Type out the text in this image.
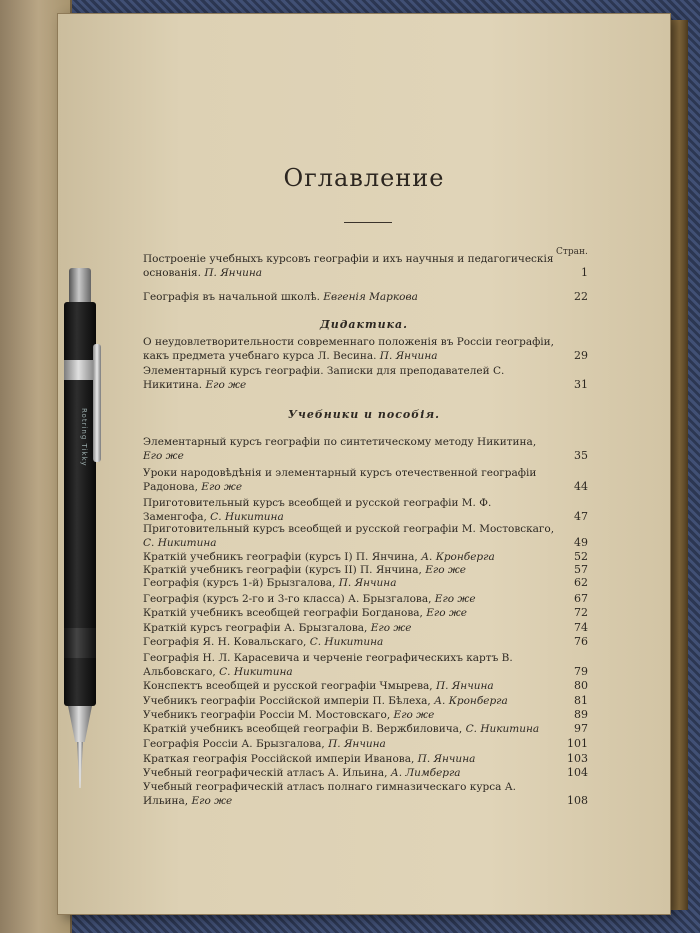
Оглавление
Стран.
Построеніе учебныхъ курсовъ географіи и ихъ научныя и педагогическія основанія. П. Янчина	1
Географія въ начальной школѣ. Евгенія Маркова	22
Дидактика.
О неудовлетворительности современнаго положенія въ Россіи географіи, какъ предмета учебнаго курса Л. Весина. П. Янчина	29
Элементарный курсъ географіи. Записки для преподавателей С. Никитина. Его же	31
Учебники и пособія.
Элементарный курсъ географіи по синтетическому методу Никитина, Его же	35
Уроки народовѣдѣнія и элементарный курсъ отечественной географіи Радонова, Его же	44
Приготовительный курсъ всеобщей и русской географіи М. Ф. Заменгофа, С. Никитина	47
Приготовительный курсъ всеобщей и русской географіи М. Мостовскаго, С. Никитина	49
Краткій учебникъ географіи (курсъ I) П. Янчина, А. Кронберга	52
Краткій учебникъ географіи (курсъ II) П. Янчина, Его же	57
Географія (курсъ 1-й) Брызгалова, П. Янчина	62
Географія (курсъ 2-го и 3-го класса) А. Брызгалова, Его же	67
Краткій учебникъ всеобщей географіи Богданова, Его же	72
Краткій курсъ географіи А. Брызгалова, Его же	74
Географія Я. Н. Ковальскаго, С. Никитина	76
Географія Н. Л. Карасевича и черченіе географическихъ картъ В. Альбовскаго, С. Никитина	79
Конспектъ всеобщей и русской географіи Чмырева, П. Янчина	80
Учебникъ географіи Россійской имперіи П. Бѣлеха, А. Кронберга	81
Учебникъ географіи Россіи М. Мостовскаго, Его же	89
Краткій учебникъ всеобщей географіи В. Вержбиловича, С. Никитина	97
Географія Россіи А. Брызгалова, П. Янчина	101
Краткая географія Россійской имперіи Иванова, П. Янчина	103
Учебный географическій атласъ А. Ильина, А. Лимберга	104
Учебный географическій атласъ полнаго гимназическаго курса А. Ильина, Его же	108
Rotring Tikky
